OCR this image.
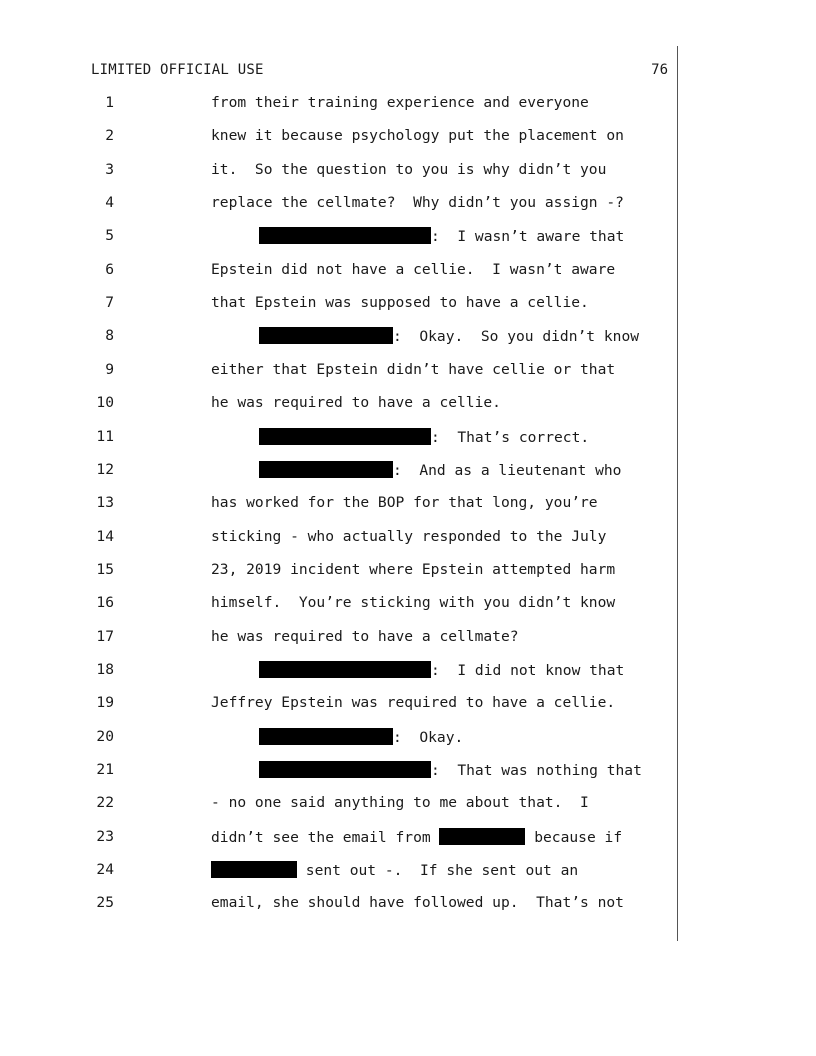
LIMITED OFFICIAL USE	76
1	from their training experience and everyone
2	knew it because psychology put the placement on
3	it.  So the question to you is why didn’t you
4	replace the cellmate?  Why didn’t you assign -?
5	:  I wasn’t aware that
6	Epstein did not have a cellie.  I wasn’t aware
7	that Epstein was supposed to have a cellie.
8	:  Okay.  So you didn’t know
9	either that Epstein didn’t have cellie or that
10	he was required to have a cellie.
11	:  That’s correct.
12	:  And as a lieutenant who
13	has worked for the BOP for that long, you’re
14	sticking - who actually responded to the July
15	23, 2019 incident where Epstein attempted harm
16	himself.  You’re sticking with you didn’t know
17	he was required to have a cellmate?
18	:  I did not know that
19	Jeffrey Epstein was required to have a cellie.
20	:  Okay.
21	:  That was nothing that
22	- no one said anything to me about that.  I
23	didn’t see the email from	because if
24	sent out -.  If she sent out an
25	email, she should have followed up.  That’s not
